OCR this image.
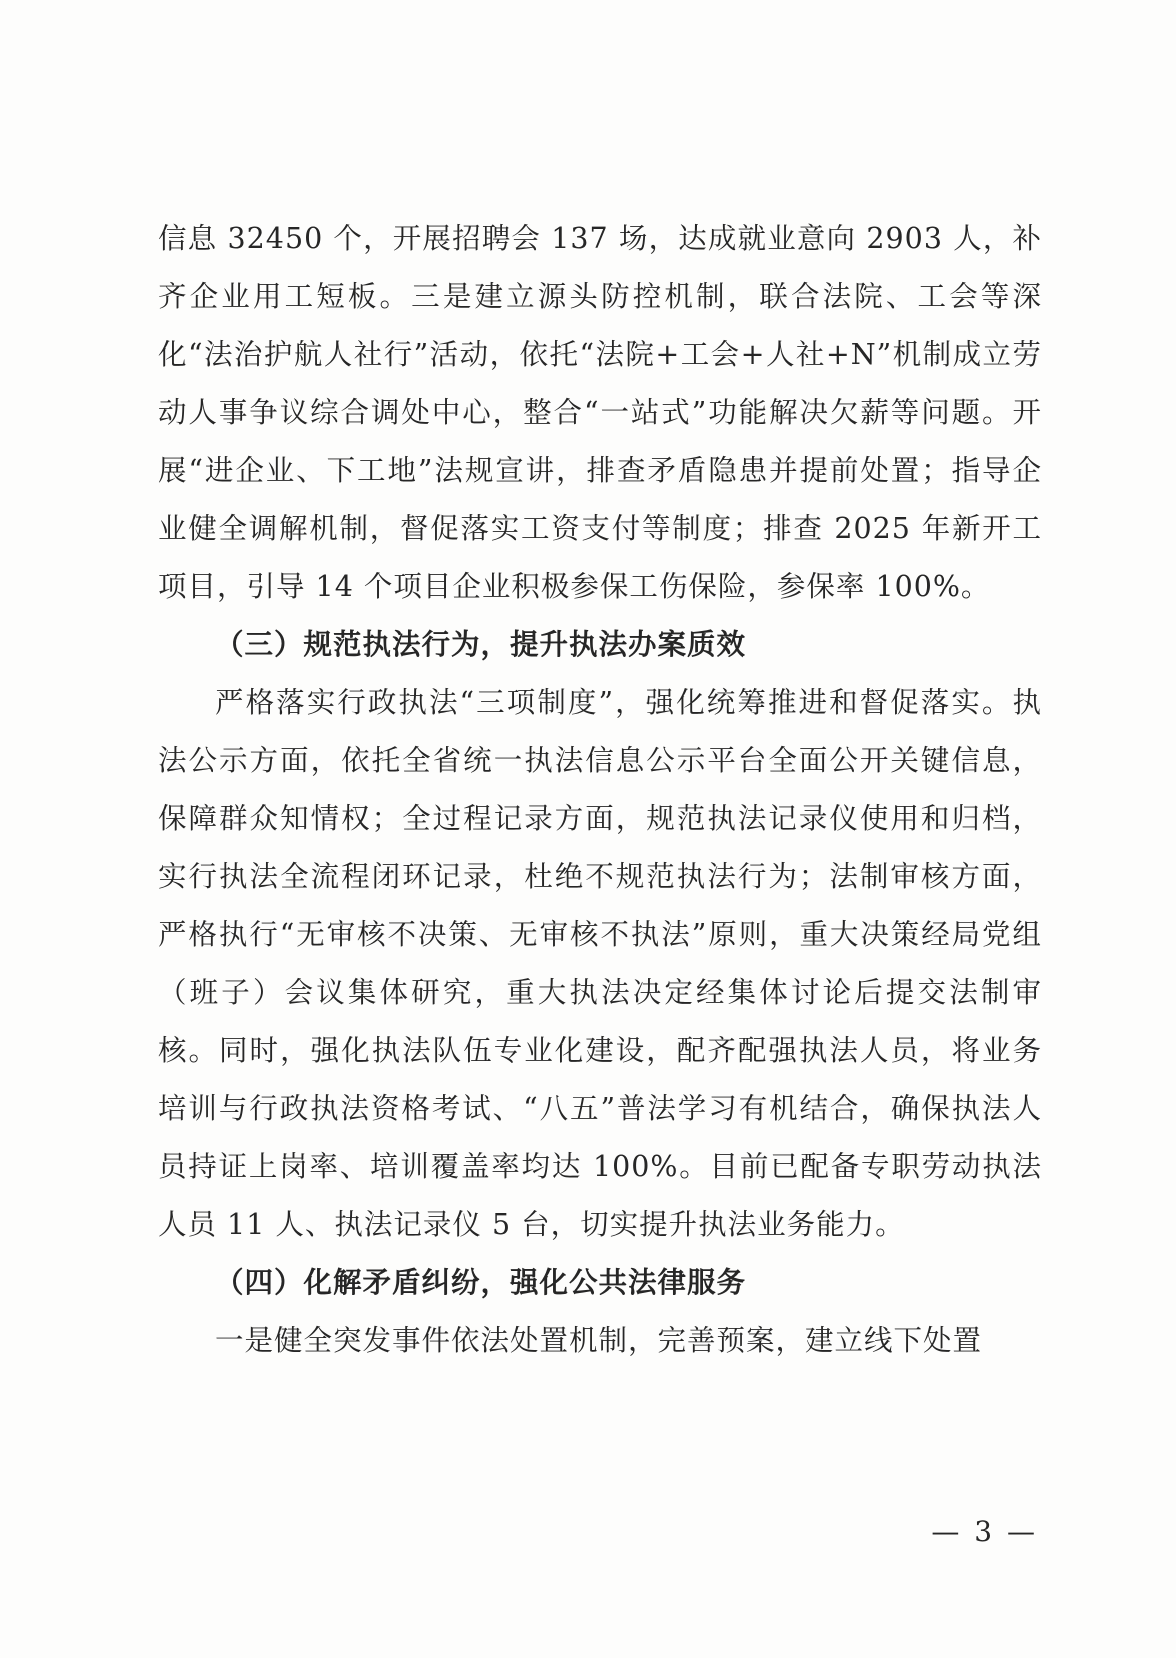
信息 32450 个，开展招聘会 137 场，达成就业意向 2903 人，补齐企业用工短板。三是建立源头防控机制，联合法院、工会等深化“法治护航人社行”活动，依托“法院+工会+人社+N”机制成立劳动人事争议综合调处中心，整合“一站式”功能解决欠薪等问题。开展“进企业、下工地”法规宣讲，排查矛盾隐患并提前处置；指导企业健全调解机制，督促落实工资支付等制度；排查 2025 年新开工项目，引导 14 个项目企业积极参保工伤保险，参保率 100%。

（三）规范执法行为，提升执法办案质效

严格落实行政执法“三项制度”，强化统筹推进和督促落实。执法公示方面，依托全省统一执法信息公示平台全面公开关键信息，保障群众知情权；全过程记录方面，规范执法记录仪使用和归档，实行执法全流程闭环记录，杜绝不规范执法行为；法制审核方面，严格执行“无审核不决策、无审核不执法”原则，重大决策经局党组（班子）会议集体研究，重大执法决定经集体讨论后提交法制审核。同时，强化执法队伍专业化建设，配齐配强执法人员，将业务培训与行政执法资格考试、“八五”普法学习有机结合，确保执法人员持证上岗率、培训覆盖率均达 100%。目前已配备专职劳动执法人员 11 人、执法记录仪 5 台，切实提升执法业务能力。

（四）化解矛盾纠纷，强化公共法律服务

一是健全突发事件依法处置机制，完善预案，建立线下处置

— 3 —
